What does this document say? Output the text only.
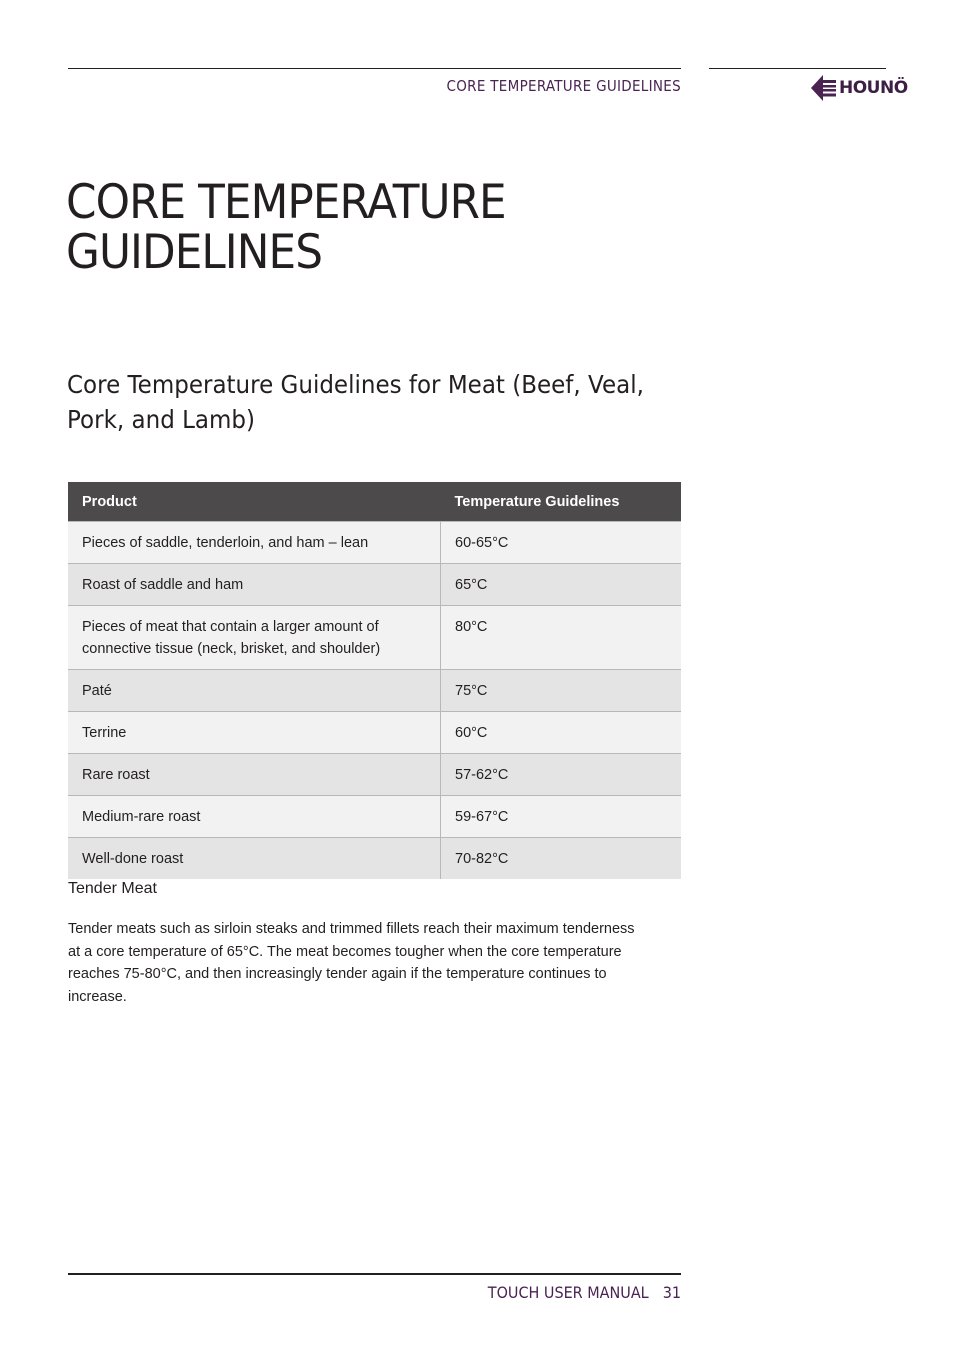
CORE TEMPERATURE GUIDELINES	HOUNÖ
CORE TEMPERATURE
GUIDELINES
Core Temperature Guidelines for Meat (Beef, Veal, Pork, and Lamb)
Product	Temperature Guidelines
Pieces of saddle, tenderloin, and ham – lean	60-65°C
Roast of saddle and ham	65°C
Pieces of meat that contain a larger amount of
connective tissue (neck, brisket, and shoulder)	80°C
Paté	75°C
Terrine	60°C
Rare roast	57-62°C
Medium-rare roast	59-67°C
Well-done roast	70-82°C
Tender Meat

Tender meats such as sirloin steaks and trimmed fillets reach their maximum tenderness
at a core temperature of 65°C. The meat becomes tougher when the core temperature
reaches 75-80°C, and then increasingly tender again if the temperature continues to
increase.

TOUCH USER MANUAL 31
